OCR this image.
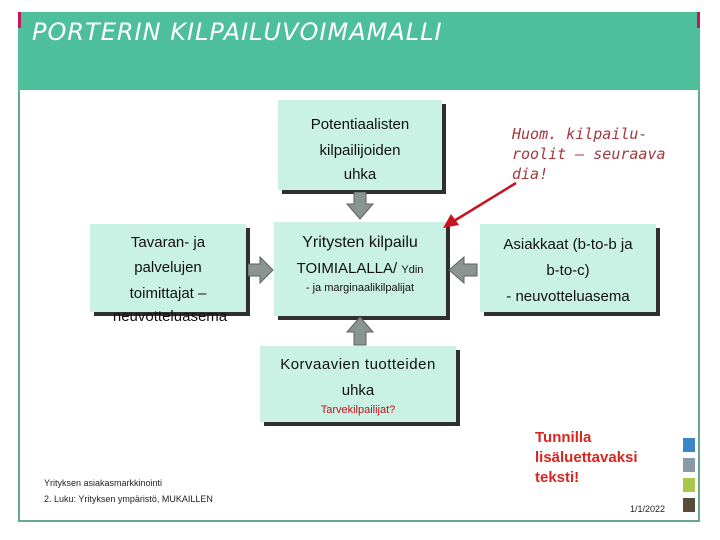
PORTERIN KILPAILUVOIMAMALLI
Potentiaalisten
kilpailijoiden
uhka
Yritysten kilpailu
TOIMIALALLA/ Ydin
- ja marginaalikilpalijat
Tavaran- ja
palvelujen
toimittajat –
neuvotteluasema
Asiakkaat (b-to-b ja
b-to-c)
- neuvotteluasema
Korvaavien tuotteiden
uhka
Tarvekilpailijat?
Huom. kilpailu-
roolit – seuraava
dia!
Tunnilla
lisäluettavaksi
teksti!
Yrityksen asiakasmarkkinointi
2. Luku: Yrityksen ympäristö, MUKAILLEN
1/1/2022
